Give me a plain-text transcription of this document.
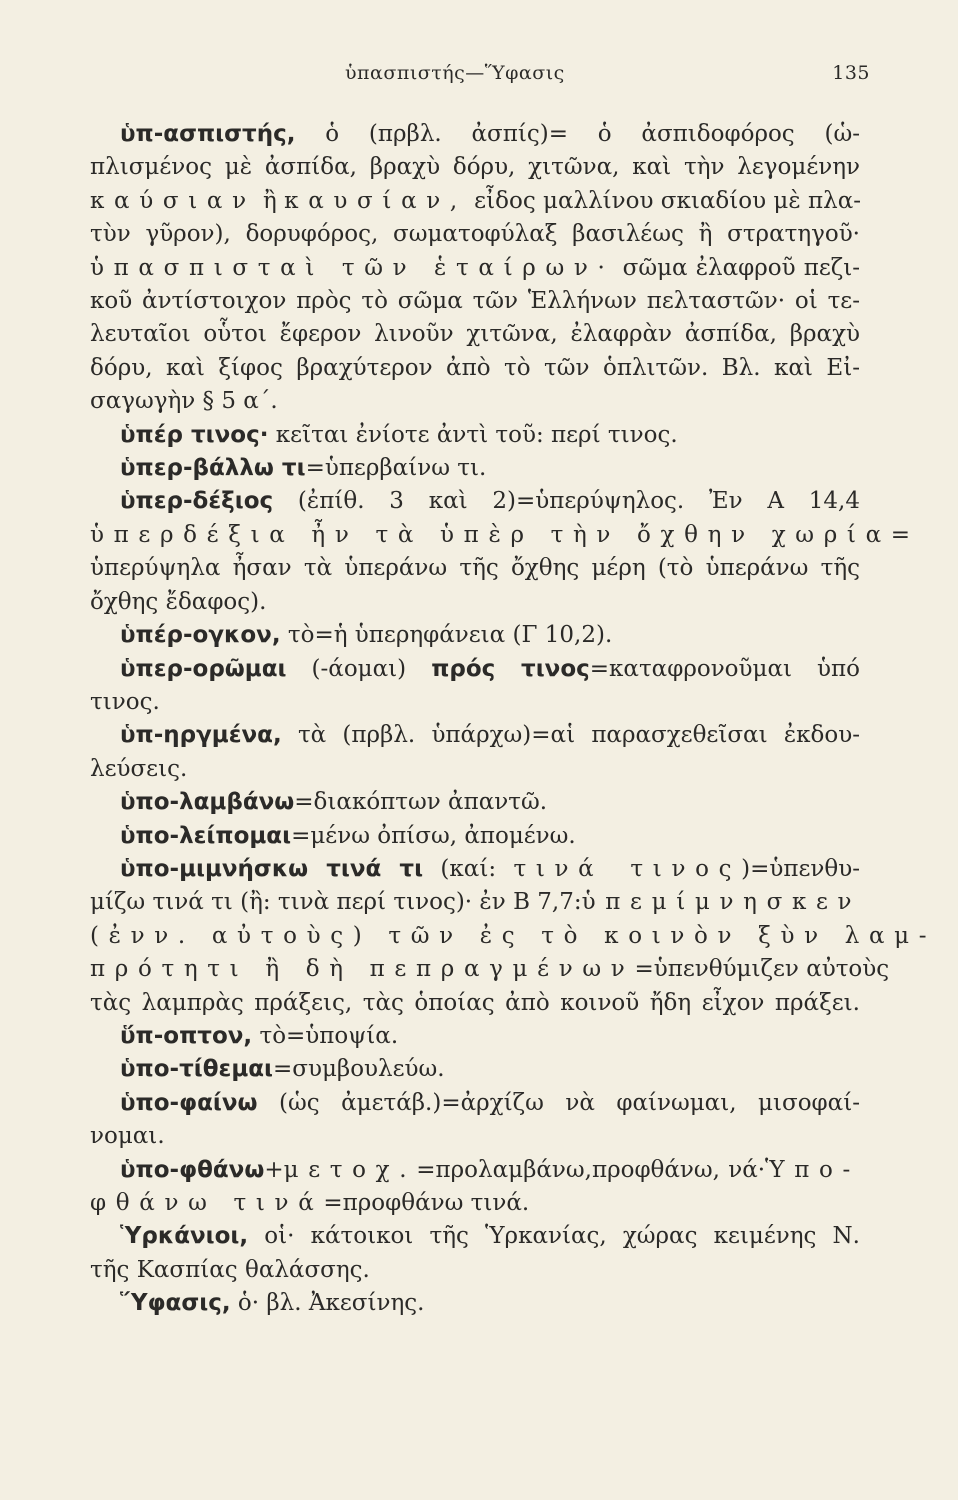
ὑπασπιστής—Ὕφασις	135
ὑπ-ασπιστής, ὁ (πρβλ. ἀσπίς)= ὁ ἀσπιδοφόρος (ὡ-
πλισμένος μὲ ἀσπίδα, βραχὺ δόρυ, χιτῶνα, καὶ τὴν λεγομένην
καύσιαν ἢ καυσίαν, εἶδος μαλλίνου σκιαδίου μὲ πλα-
τὺν γῦρον), δορυφόρος, σωματοφύλαξ βασιλέως ἢ στρατηγοῦ·
ὑπασπισταὶ τῶν ἑταίρων· σῶμα ἐλαφροῦ πεζι-
κοῦ ἀντίστοιχον πρὸς τὸ σῶμα τῶν Ἑλλήνων πελταστῶν· οἱ τε-
λευταῖοι οὗτοι ἔφερον λινοῦν χιτῶνα, ἐλαφρὰν ἀσπίδα, βραχὺ
δόρυ, καὶ ξίφος βραχύτερον ἀπὸ τὸ τῶν ὁπλιτῶν. Βλ. καὶ Εἰ-
σαγωγὴν § 5 α΄.
ὑπέρ τινος· κεῖται ἐνίοτε ἀντὶ τοῦ: περί τινος.
ὑπερ-βάλλω τι=ὑπερβαίνω τι.
ὑπερ-δέξιος (ἐπίθ. 3 καὶ 2)=ὑπερύψηλος. Ἐν Α 14,4
ὑπερδέξια ἦν τὰ ὑπὲρ τὴν ὄχθην χωρία=
ὑπερύψηλα ἦσαν τὰ ὑπεράνω τῆς ὄχθης μέρη (τὸ ὑπεράνω τῆς
ὄχθης ἔδαφος).
ὑπέρ-ογκον, τὸ=ἡ ὑπερηφάνεια (Γ 10,2).
ὑπερ-ορῶμαι (-άομαι) πρός τινος=καταφρονοῦμαι ὑπό
τινος.
ὑπ-ηργμένα, τὰ (πρβλ. ὑπάρχω)=αἱ παρασχεθεῖσαι ἐκδου-
λεύσεις.
ὑπο-λαμβάνω=διακόπτων ἀπαντῶ.
ὑπο-λείπομαι=μένω ὀπίσω, ἀπομένω.
ὑπο-μιμνήσκω τινά τι (καί: τινά τινος)=ὑπενθυ-
μίζω τινά τι (ἢ: τινὰ περί τινος)· ἐν Β 7,7:ὑπεμίμνησκεν
(ἐνν. αὐτοὺς) τῶν ἐς τὸ κοινὸν ξὺν λαμ-
πρότητι ἢ δὴ πεπραγμένων=ὑπενθύμιζεν αὐτοὺς
τὰς λαμπρὰς πράξεις, τὰς ὁποίας ἀπὸ κοινοῦ ἤδη εἶχον πράξει.
ὕπ-οπτον, τὸ=ὑποψία.
ὑπο-τίθεμαι=συμβουλεύω.
ὑπο-φαίνω (ὡς ἀμετάβ.)=ἀρχίζω νὰ φαίνωμαι, μισοφαί-
νομαι.
ὑπο-φθάνω+μετοχ.=προλαμβάνω,προφθάνω, νά·Ὑπο-
φθάνω τινά=προφθάνω τινά.
Ὑρκάνιοι, οἱ· κάτοικοι τῆς Ὑρκανίας, χώρας κειμένης Ν.
τῆς Κασπίας θαλάσσης.
Ὕφασις, ὁ· βλ. Ἀκεσίνης.
